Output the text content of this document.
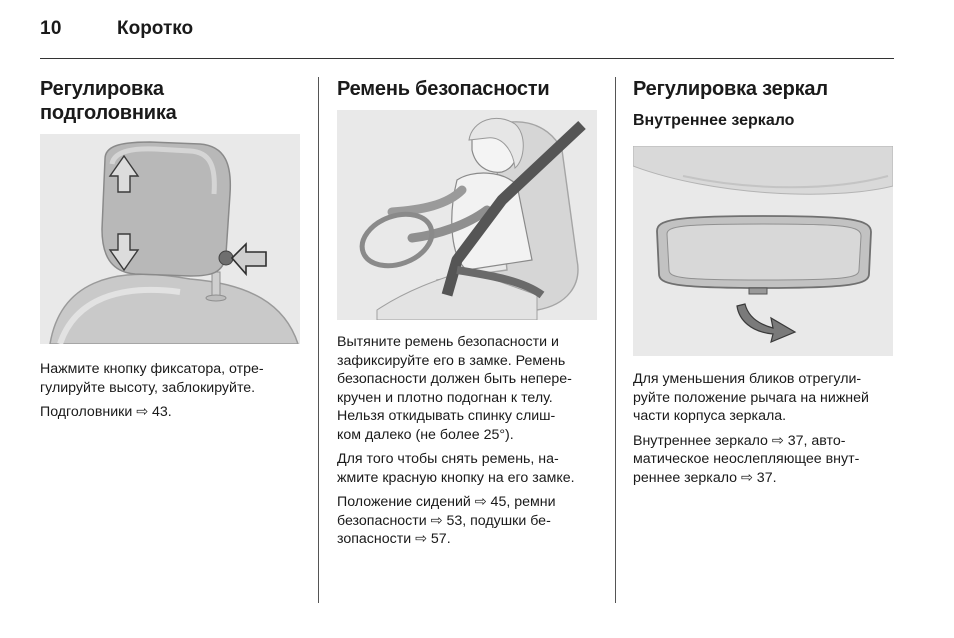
10	Коротко
Регулировка
подголовника

Нажмите кнопку фиксатора, отре-
гулируйте высоту, заблокируйте.

Подголовники ⇨ 43.

Ремень безопасности

Вытяните ремень безопасности и
зафиксируйте его в замке. Ремень
безопасности должен быть непере-
кручен и плотно подогнан к телу.
Нельзя откидывать спинку слиш-
ком далеко (не более 25°).

Для того чтобы снять ремень, на-
жмите красную кнопку на его замке.

Положение сидений ⇨ 45, ремни
безопасности ⇨ 53, подушки бе-
зопасности ⇨ 57.

Регулировка зеркал
Внутреннее зеркало

Для уменьшения бликов отрегули-
руйте положение рычага на нижней
части корпуса зеркала.

Внутреннее зеркало ⇨ 37, авто-
матическое неослепляющее внут-
реннее зеркало ⇨ 37.
